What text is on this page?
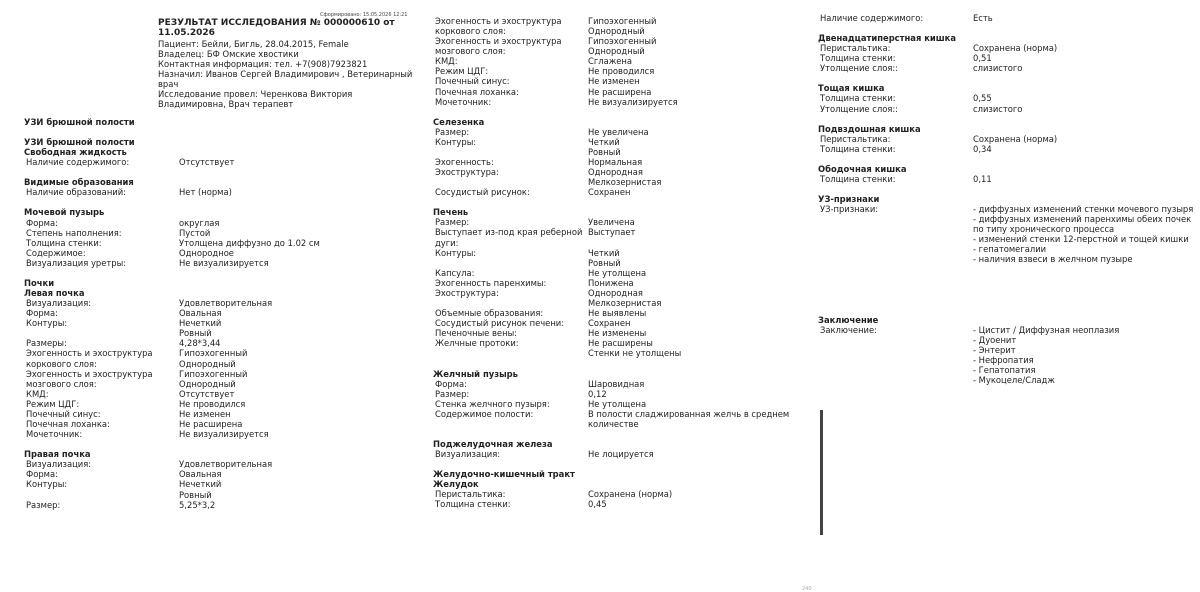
Сформировано: 15.05.2026 12:21
РЕЗУЛЬТАТ ИССЛЕДОВАНИЯ № 000000610 от 11.05.2026
Пациент: Бейли, Бигль, 28.04.2015, Female
Владелец: БФ Омские хвостики
Контактная информация: тел. +7(908)7923821
Назначил: Иванов Сергей Владимирович , Ветеринарный врач
Исследование провел: Черенкова Виктория Владимировна, Врач терапевт
УЗИ брюшной полости
УЗИ брюшной полости
Свободная жидкость
Наличие содержимого:	Отсутствует
Видимые образования
Наличие образований:	Нет (норма)
Мочевой пузырь
Форма:	округлая
Степень наполнения:	Пустой
Толщина стенки:	Утолщена диффузно до 1.02 см
Содержимое:	Однородное
Визуализация уретры:	Не визуализируется
Почки
Левая почка
Визуализация:	Удовлетворительная
Форма:	Овальная
Контуры:	Нечеткий
Ровный
Размеры:	4,28*3,44
Эхогенность и эхоструктура коркового слоя:
Гипоэхогенный
Однородный
Эхогенность и эхоструктура мозгового слоя:
Гипоэхогенный
Однородный
КМД:	Отсутствует
Режим ЦДГ:	Не проводился
Почечный синус:	Не изменен
Почечная лоханка:	Не расширена
Мочеточник:	Не визуализируется
Правая почка
Визуализация:	Удовлетворительная
Форма:	Овальная
Контуры:	Нечеткий
Ровный
Размер:	5,25*3,2
Эхогенность и эхоструктура коркового слоя:
Гипоэхогенный
Однородный
Эхогенность и эхоструктура мозгового слоя:
Гипоэхогенный
Однородный
КМД:	Сглажена
Режим ЦДГ:	Не проводился
Почечный синус:	Не изменен
Почечная лоханка:	Не расширена
Мочеточник:	Не визуализируется
Селезенка
Размер:	Не увеличена
Контуры:	Четкий
Ровный
Эхогенность:	Нормальная
Эхоструктура:	Однородная
Мелкозернистая
Сосудистый рисунок:	Сохранен
Печень
Размер:	Увеличена
Выступает из-под края реберной дуги:
Выступает
Контуры:	Четкий
Ровный
Капсула:	Не утолщена
Эхогенность паренхимы:	Понижена
Эхоструктура:	Однородная
Мелкозернистая
Объемные образования:	Не выявлены
Сосудистый рисунок печени:	Сохранен
Печеночные вены:	Не изменены
Желчные протоки:	Не расширены
Стенки не утолщены
Желчный пузырь
Форма:	Шаровидная
Размер:	0,12
Стенка желчного пузыря:	Не утолщена
Содержимое полости:	В полости сладжированная желчь в среднем количестве
Поджелудочная железа
Визуализация:	Не лоцируется
Желудочно-кишечный тракт
Желудок
Перистальтика:	Сохранена (норма)
Толщина стенки:	0,45
Наличие содержимого:	Есть
Двенадцатиперстная кишка
Перистальтика:	Сохранена (норма)
Толщина стенки:	0,51
Утолщение слоя::	слизистого
Тощая кишка
Толщина стенки:	0,55
Утолщение слоя::	слизистого
Подвздошная кишка
Перистальтика:	Сохранена (норма)
Толщина стенки:	0,34
Ободочная кишка
Толщина стенки:	0,11
УЗ-признаки
УЗ-признаки:	- диффузных изменений стенки мочевого пузыря
- диффузных изменений паренхимы обеих почек по типу хронического процесса
- изменений стенки 12-перстной и тощей кишки
- гепатомегалии
- наличия взвеси в желчном пузыре
Заключение
Заключение:	- Цистит / Диффузная неоплазия
- Дуоенит
- Энтерит
- Нефропатия
- Гепатопатия
- Мукоцеле/Сладж
240
